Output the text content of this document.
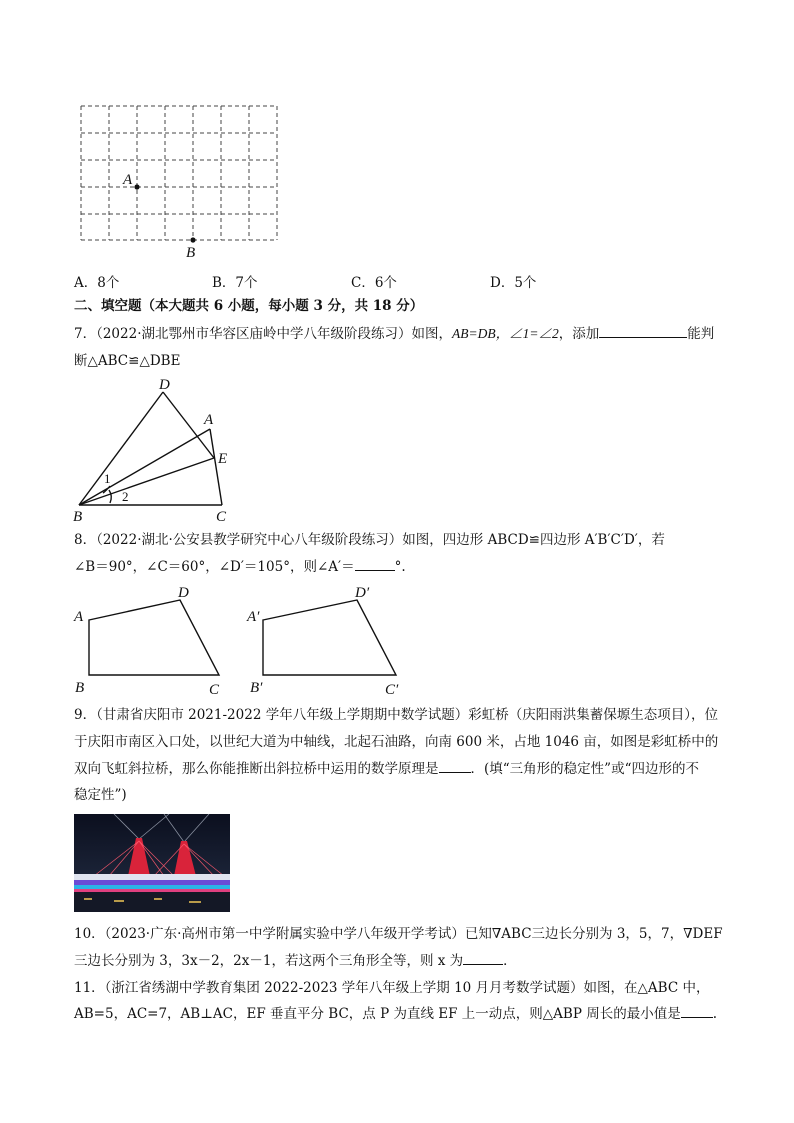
A
B
A．8个	B．7个	C．6个	D．5个
二、填空题（本大题共 6 小题，每小题 3 分，共 18 分）
7．（2022·湖北鄂州市华容区庙岭中学八年级阶段练习）如图，AB=DB，∠1=∠2，添加	能判
断△ABC≌△DBE
D
A
E
B	C
1
2
8．（2022·湖北·公安县教学研究中心八年级阶段练习）如图，四边形 ABCD≌四边形 A′B′C′D′，若
∠B＝90°，∠C＝60°，∠D′＝105°，则∠A′＝	°.
A
D
B	C
A′
D′
B′	C′
9．（甘肃省庆阳市 2021-2022 学年八年级上学期期中数学试题）彩虹桥（庆阳雨洪集蓄保塬生态项目），位
于庆阳市南区入口处，以世纪大道为中轴线，北起石油路，向南 600 米，占地 1046 亩，如图是彩虹桥中的
双向飞虹斜拉桥，那么你能推断出斜拉桥中运用的数学原理是 ．(填“三角形的稳定性”或“四边形的不
稳定性”)
10．（2023·广东·高州市第一中学附属实验中学八年级开学考试）已知∇ABC三边长分别为 3，5，7，∇DEF
三边长分别为 3，3x－2，2x－1，若这两个三角形全等，则 x 为	．
11．（浙江省绣湖中学教育集团 2022-2023 学年八年级上学期 10 月月考数学试题）如图，在△ABC 中，
AB=5，AC=7，AB⊥AC，EF 垂直平分 BC，点 P 为直线 EF 上一动点，则△ABP 周长的最小值是 .
